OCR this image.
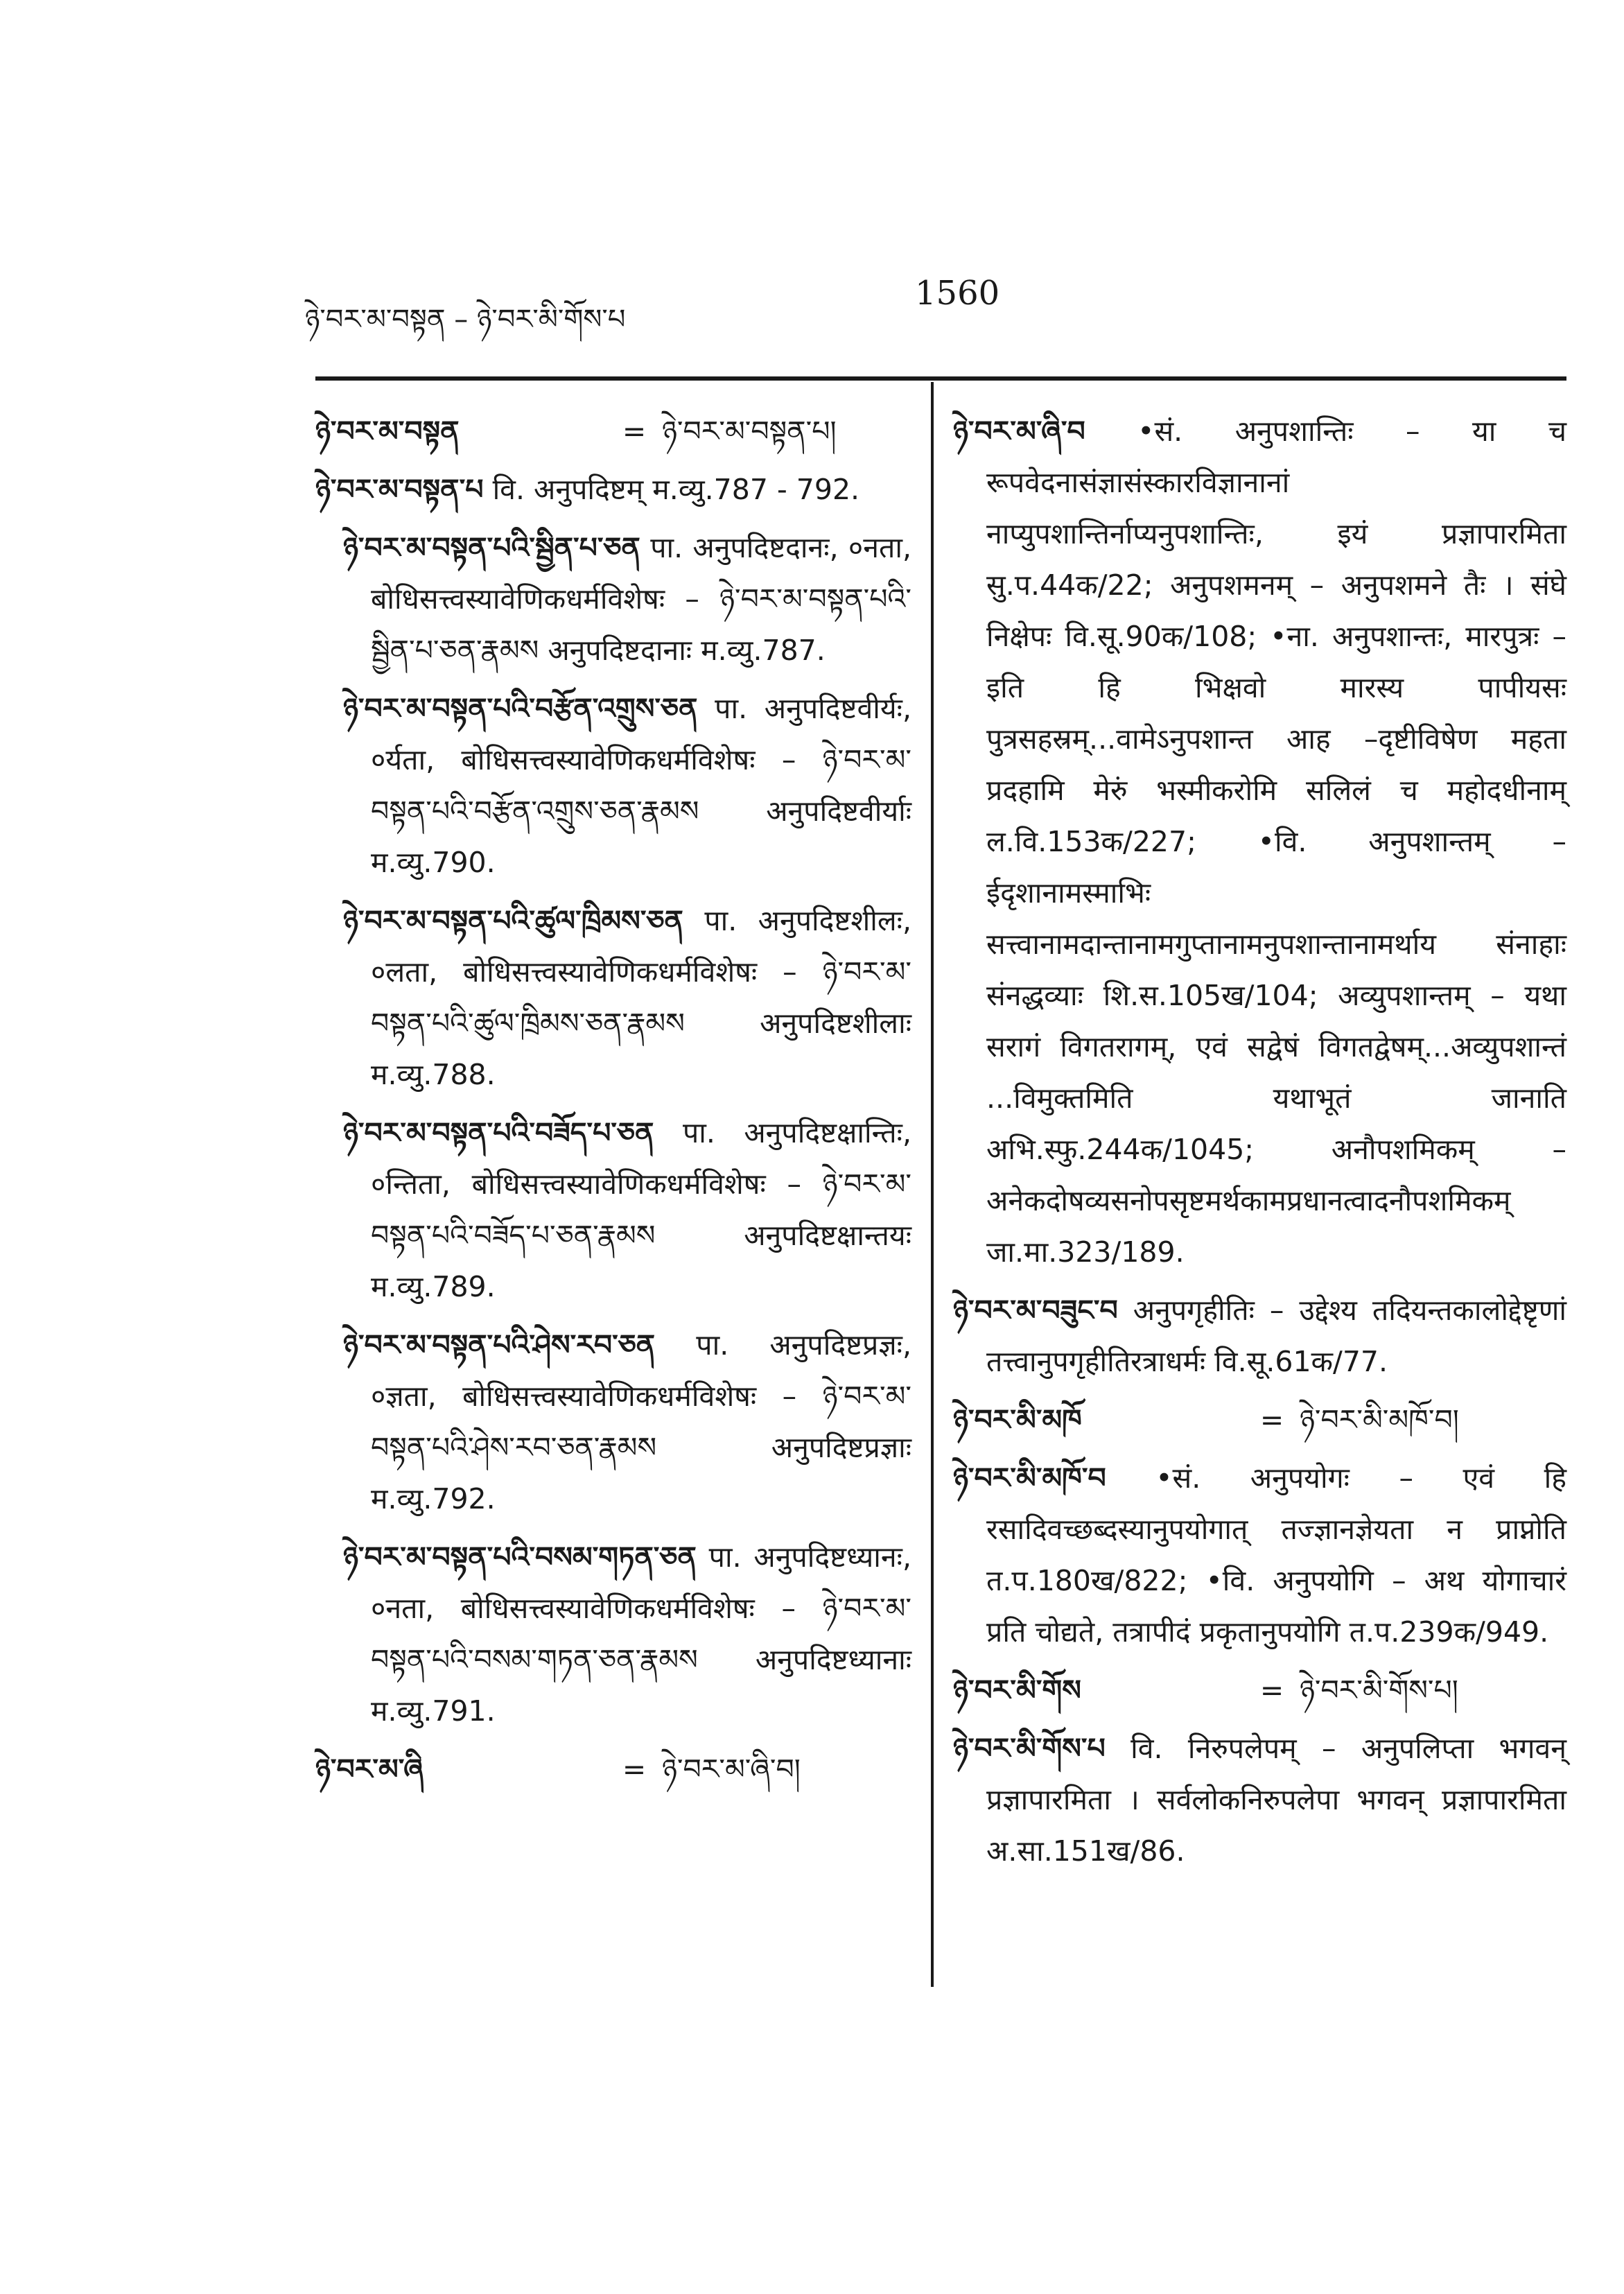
ཉེ་བར་མ་བསྟན – ཉེ་བར་མི་གོས་པ
1560
ཉེ་བར་མ་བསྟན	= ཉེ་བར་མ་བསྟན་པ།
ཉེ་བར་མ་བསྟན་པ वि. अनुपदिष्टम् म.व्यु.787 - 792.
ཉེ་བར་མ་བསྟན་པའི་སྦྱིན་པ་ཅན पा. अनुपदिष्टदानः, ०नता, बोधिसत्त्वस्यावेणिकधर्मविशेषः – ཉེ་བར་མ་བསྟན་པའི་སྦྱིན་པ་ཅན་རྣམས अनुपदिष्टदानाः म.व्यु.787.
ཉེ་བར་མ་བསྟན་པའི་བརྩོན་འགྲུས་ཅན पा. अनुपदिष्टवीर्यः, ०र्यता, बोधिसत्त्वस्यावेणिकधर्मविशेषः – ཉེ་བར་མ་བསྟན་པའི་བརྩོན་འགྲུས་ཅན་རྣམས अनुपदिष्टवीर्याः म.व्यु.790.
ཉེ་བར་མ་བསྟན་པའི་ཚུལ་ཁྲིམས་ཅན पा. अनुपदिष्टशीलः, ०लता, बोधिसत्त्वस्यावेणिकधर्मविशेषः – ཉེ་བར་མ་བསྟན་པའི་ཚུལ་ཁྲིམས་ཅན་རྣམས अनुपदिष्टशीलाः म.व्यु.788.
ཉེ་བར་མ་བསྟན་པའི་བཟོད་པ་ཅན पा. अनुपदिष्टक्षान्तिः, ०न्तिता, बोधिसत्त्वस्यावेणिकधर्मविशेषः – ཉེ་བར་མ་བསྟན་པའི་བཟོད་པ་ཅན་རྣམས अनुपदिष्टक्षान्तयः म.व्यु.789.
ཉེ་བར་མ་བསྟན་པའི་ཤེས་རབ་ཅན पा. अनुपदिष्टप्रज्ञः, ०ज्ञता, बोधिसत्त्वस्यावेणिकधर्मविशेषः – ཉེ་བར་མ་བསྟན་པའི་ཤེས་རབ་ཅན་རྣམས अनुपदिष्टप्रज्ञाः म.व्यु.792.
ཉེ་བར་མ་བསྟན་པའི་བསམ་གཏན་ཅན पा. अनुपदिष्टध्यानः, ०नता, बोधिसत्त्वस्यावेणिकधर्मविशेषः – ཉེ་བར་མ་བསྟན་པའི་བསམ་གཏན་ཅན་རྣམས अनुपदिष्टध्यानाः म.व्यु.791.
ཉེ་བར་མ་ཞི	= ཉེ་བར་མ་ཞི་བ།
ཉེ་བར་མ་ཞི་བ •सं. अनुपशान्तिः – या च रूपवेदनासंज्ञासंस्कारविज्ञानानां नाप्युपशान्तिर्नाप्यनुपशान्तिः, इयं प्रज्ञापारमिता सु.प.44क/22; अनुपशमनम् – अनुपशमने तैः । संघे निक्षेपः वि.सू.90क/108; •ना. अनुपशान्तः, मारपुत्रः – इति हि भिक्षवो मारस्य पापीयसः पुत्रसहस्रम्...वामेऽनुपशान्त आह –दृष्टीविषेण महता प्रदहामि मेरुं भस्मीकरोमि सलिलं च महोदधीनाम् ल.वि.153क/227; •वि. अनुपशान्तम् – ईदृशानामस्माभिः सत्त्वानामदान्तानामगुप्तानामनुपशान्तानामर्थाय संनाहाः संनद्धव्याः शि.स.105ख/104; अव्युपशान्तम् – यथा सरागं विगतरागम्, एवं सद्वेषं विगतद्वेषम्...अव्युपशान्तं ...विमुक्तमिति यथाभूतं जानाति अभि.स्फु.244क/1045; अनौपशमिकम् – अनेकदोषव्यसनोपसृष्टमर्थकामप्रधानत्वादनौपशमिकम् जा.मा.323/189.
ཉེ་བར་མ་བཟུང་བ अनुपगृहीतिः – उद्देश्य तदियन्तकालोद्देष्टृणां तत्त्वानुपगृहीतिरत्राधर्मः वि.सू.61क/77.
ཉེ་བར་མི་མཁོ	= ཉེ་བར་མི་མཁོ་བ།
ཉེ་བར་མི་མཁོ་བ •सं. अनुपयोगः – एवं हि रसादिवच्छब्दस्यानुपयोगात् तज्ज्ञानज्ञेयता न प्राप्नोति त.प.180ख/822; •वि. अनुपयोगि – अथ योगाचारं प्रति चोद्यते, तत्रापीदं प्रकृतानुपयोगि त.प.239क/949.
ཉེ་བར་མི་གོས	= ཉེ་བར་མི་གོས་པ།
ཉེ་བར་མི་གོས་པ वि. निरुपलेपम् – अनुपलिप्ता भगवन् प्रज्ञापारमिता । सर्वलोकनिरुपलेपा भगवन् प्रज्ञापारमिता अ.सा.151ख/86.
